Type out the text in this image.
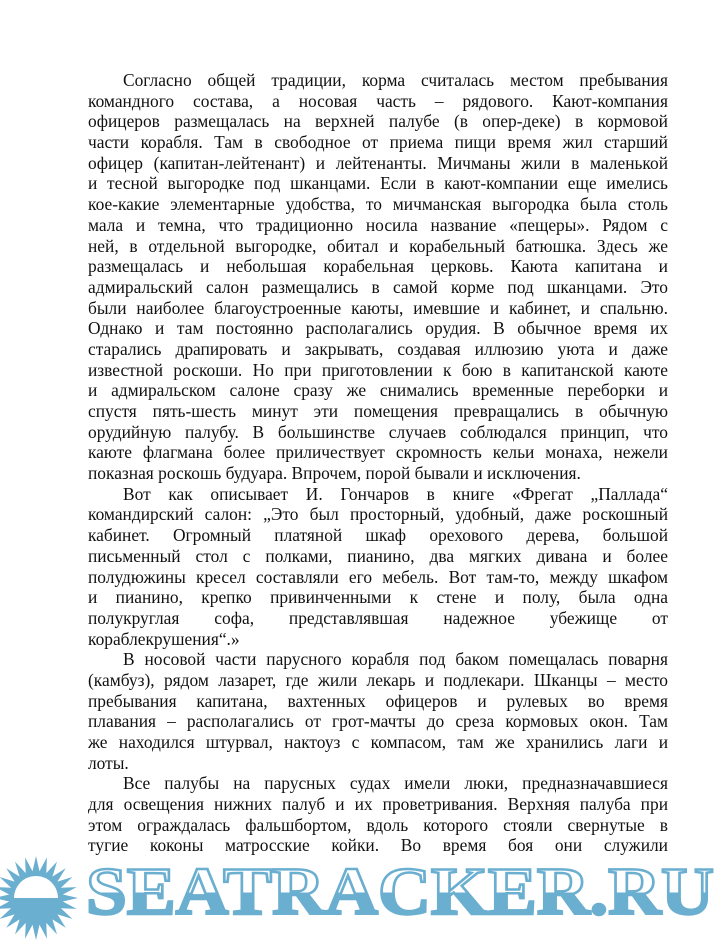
Согласно общей традиции, корма считалась местом пребывания
командного состава, а носовая часть – рядового. Кают-компания
офицеров размещалась на верхней палубе (в опер-деке) в кормовой
части корабля. Там в свободное от приема пищи время жил старший
офицер (капитан-лейтенант) и лейтенанты. Мичманы жили в маленькой
и тесной выгородке под шканцами. Если в кают-компании еще имелись
кое-какие элементарные удобства, то мичманская выгородка была столь
мала и темна, что традиционно носила название «пещеры». Рядом с
ней, в отдельной выгородке, обитал и корабельный батюшка. Здесь же
размещалась и небольшая корабельная церковь. Каюта капитана и
адмиральский салон размещались в самой корме под шканцами. Это
были наиболее благоустроенные каюты, имевшие и кабинет, и спальню.
Однако и там постоянно располагались орудия. В обычное время их
старались драпировать и закрывать, создавая иллюзию уюта и даже
известной роскоши. Но при приготовлении к бою в капитанской каюте
и адмиральском салоне сразу же снимались временные переборки и
спустя пять-шесть минут эти помещения превращались в обычную
орудийную палубу. В большинстве случаев соблюдался принцип, что
каюте флагмана более приличествует скромность кельи монаха, нежели
показная роскошь будуара. Впрочем, порой бывали и исключения.
Вот как описывает И. Гончаров в книге «Фрегат „Паллада“
командирский салон: „Это был просторный, удобный, даже роскошный
кабинет. Огромный платяной шкаф орехового дерева, большой
письменный стол с полками, пианино, два мягких дивана и более
полудюжины кресел составляли его мебель. Вот там-то, между шкафом
и пианино, крепко привинченными к стене и полу, была одна
полукруглая софа, представлявшая надежное убежище от
кораблекрушения“.»
В носовой части парусного корабля под баком помещалась поварня
(камбуз), рядом лазарет, где жили лекарь и подлекари. Шканцы – место
пребывания капитана, вахтенных офицеров и рулевых во время
плавания – располагались от грот-мачты до среза кормовых окон. Там
же находился штурвал, нактоуз с компасом, там же хранились лаги и
лоты.
Все палубы на парусных судах имели люки, предназначавшиеся
для освещения нижних палуб и их проветривания. Верхняя палуба при
этом ограждалась фальшбортом, вдоль которого стояли свернутые в
тугие коконы матросские койки. Во время боя они служили
SEATRACKER.RU
